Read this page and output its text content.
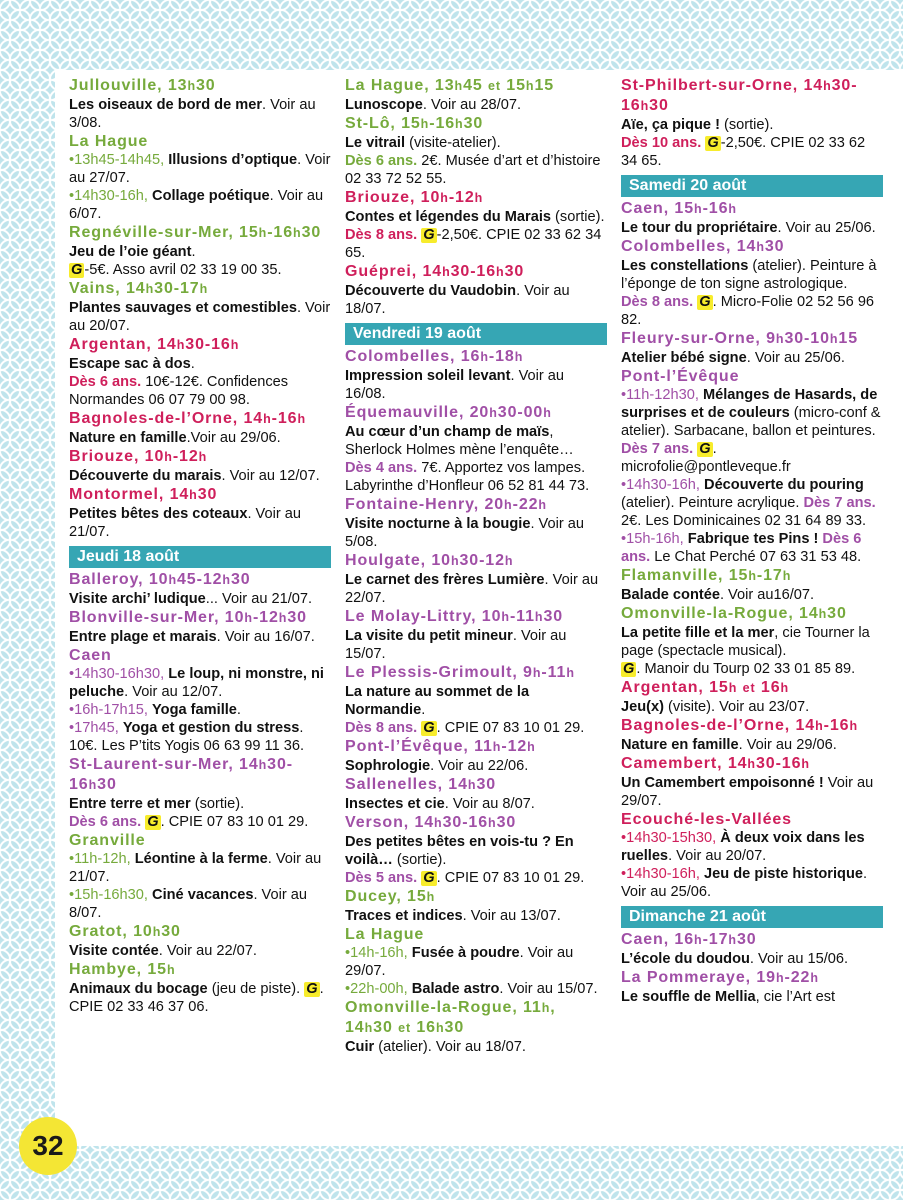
Jullouville, 13h30

Les oiseaux de bord de mer. Voir au 3/08.

La Hague

•13h45-14h45, Illusions d’optique. Voir au 27/07.

•14h30-16h, Collage poétique. Voir au 6/07.

Regnéville-sur-Mer, 15h-16h30

Jeu de l’oie géant.

G -5€. Asso avril 02 33 19 00 35.

Vains, 14h30-17h

Plantes sauvages et comestibles. Voir au 20/07.

Argentan, 14h30-16h

Escape sac à dos.

Dès 6 ans. 10€-12€. Confidences Normandes 06 07 79 00 98.

Bagnoles-de-l’Orne, 14h-16h

Nature en famille.Voir au 29/06.

Briouze, 10h-12h

Découverte du marais. Voir au 12/07.

Montormel, 14h30

Petites bêtes des coteaux. Voir au 21/07.

Jeudi 18 août

Balleroy, 10h45-12h30

Visite archi’ ludique... Voir au 21/07.

Blonville-sur-Mer, 10h-12h30

Entre plage et marais. Voir au 16/07.

Caen

•14h30-16h30, Le loup, ni monstre, ni peluche. Voir au 12/07.

•16h-17h15, Yoga famille.

•17h45, Yoga et gestion du stress. 10€. Les P’tits Yogis 06 63 99 11 36.

St-Laurent-sur-Mer, 14h30-16h30

Entre terre et mer (sortie).

Dès 6 ans. G . CPIE 07 83 10 01 29.

Granville

•11h-12h, Léontine à la ferme. Voir au 21/07.

•15h-16h30, Ciné vacances. Voir au 8/07.

Gratot, 10h30

Visite contée. Voir au 22/07.

Hambye, 15h

Animaux du bocage (jeu de piste). G . CPIE 02 33 46 37 06.

La Hague, 13h45 et 15h15

Lunoscope. Voir au 28/07.

St-Lô, 15h-16h30

Le vitrail (visite-atelier).

Dès 6 ans. 2€. Musée d’art et d’histoire 02 33 72 52 55.

Briouze, 10h-12h

Contes et légendes du Marais (sortie).

Dès 8 ans. G -2,50€. CPIE 02 33 62 34 65.

Guéprei, 14h30-16h30

Découverte du Vaudobin. Voir au 18/07.

Vendredi 19 août

Colombelles, 16h-18h

Impression soleil levant. Voir au 16/08.

Équemauville, 20h30-00h

Au cœur d’un champ de maïs, Sherlock Holmes mène l’enquête…

Dès 4 ans. 7€. Apportez vos lampes. Labyrinthe d’Honfleur 06 52 81 44 73.

Fontaine-Henry, 20h-22h

Visite nocturne à la bougie. Voir au 5/08.

Houlgate, 10h30-12h

Le carnet des frères Lumière. Voir au 22/07.

Le Molay-Littry, 10h-11h30

La visite du petit mineur. Voir au 15/07.

Le Plessis-Grimoult, 9h-11h

La nature au sommet de la Normandie.

Dès 8 ans. G . CPIE 07 83 10 01 29.

Pont-l’Évêque, 11h-12h

Sophrologie. Voir au 22/06.

Sallenelles, 14h30

Insectes et cie. Voir au 8/07.

Verson, 14h30-16h30

Des petites bêtes en vois-tu ? En voilà… (sortie).

Dès 5 ans. G . CPIE 07 83 10 01 29.

Ducey, 15h

Traces et indices. Voir au 13/07.

La Hague

•14h-16h, Fusée à poudre. Voir au 29/07.

•22h-00h, Balade astro. Voir au 15/07.

Omonville-la-Rogue, 11h, 14h30 et 16h30

Cuir (atelier). Voir au 18/07.

St-Philbert-sur-Orne, 14h30-16h30

Aïe, ça pique ! (sortie).

Dès 10 ans. G -2,50€. CPIE 02 33 62 34 65.

Samedi 20 août

Caen, 15h-16h

Le tour du propriétaire. Voir au 25/06.

Colombelles, 14h30

Les constellations (atelier). Peinture à l’éponge de ton signe astrologique.

Dès 8 ans. G . Micro-Folie 02 52 56 96 82.

Fleury-sur-Orne, 9h30-10h15

Atelier bébé signe. Voir au 25/06.

Pont-l’Évêque

•11h-12h30, Mélanges de Hasards, de surprises et de couleurs (micro-conf & atelier). Sarbacane, ballon et peintures. Dès 7 ans. G . microfolie@pontleveque.fr

•14h30-16h, Découverte du pouring (atelier). Peinture acrylique. Dès 7 ans. 2€. Les Dominicaines 02 31 64 89 33.

•15h-16h, Fabrique tes Pins ! Dès 6 ans. Le Chat Perché 07 63 31 53 48.

Flamanville, 15h-17h

Balade contée. Voir au16/07.

Omonville-la-Rogue, 14h30

La petite fille et la mer, cie Tourner la page (spectacle musical).

G . Manoir du Tourp 02 33 01 85 89.

Argentan, 15h et 16h

Jeu(x) (visite). Voir au 23/07.

Bagnoles-de-l’Orne, 14h-16h

Nature en famille. Voir au 29/06.

Camembert, 14h30-16h

Un Camembert empoisonné ! Voir au 29/07.

Ecouché-les-Vallées

•14h30-15h30, À deux voix dans les ruelles. Voir au 20/07.

•14h30-16h, Jeu de piste historique. Voir au 25/06.

Dimanche 21 août

Caen, 16h-17h30

L’école du doudou. Voir au 15/06.

La Pommeraye, 19h-22h

Le souffle de Mellia, cie l’Art est

32
